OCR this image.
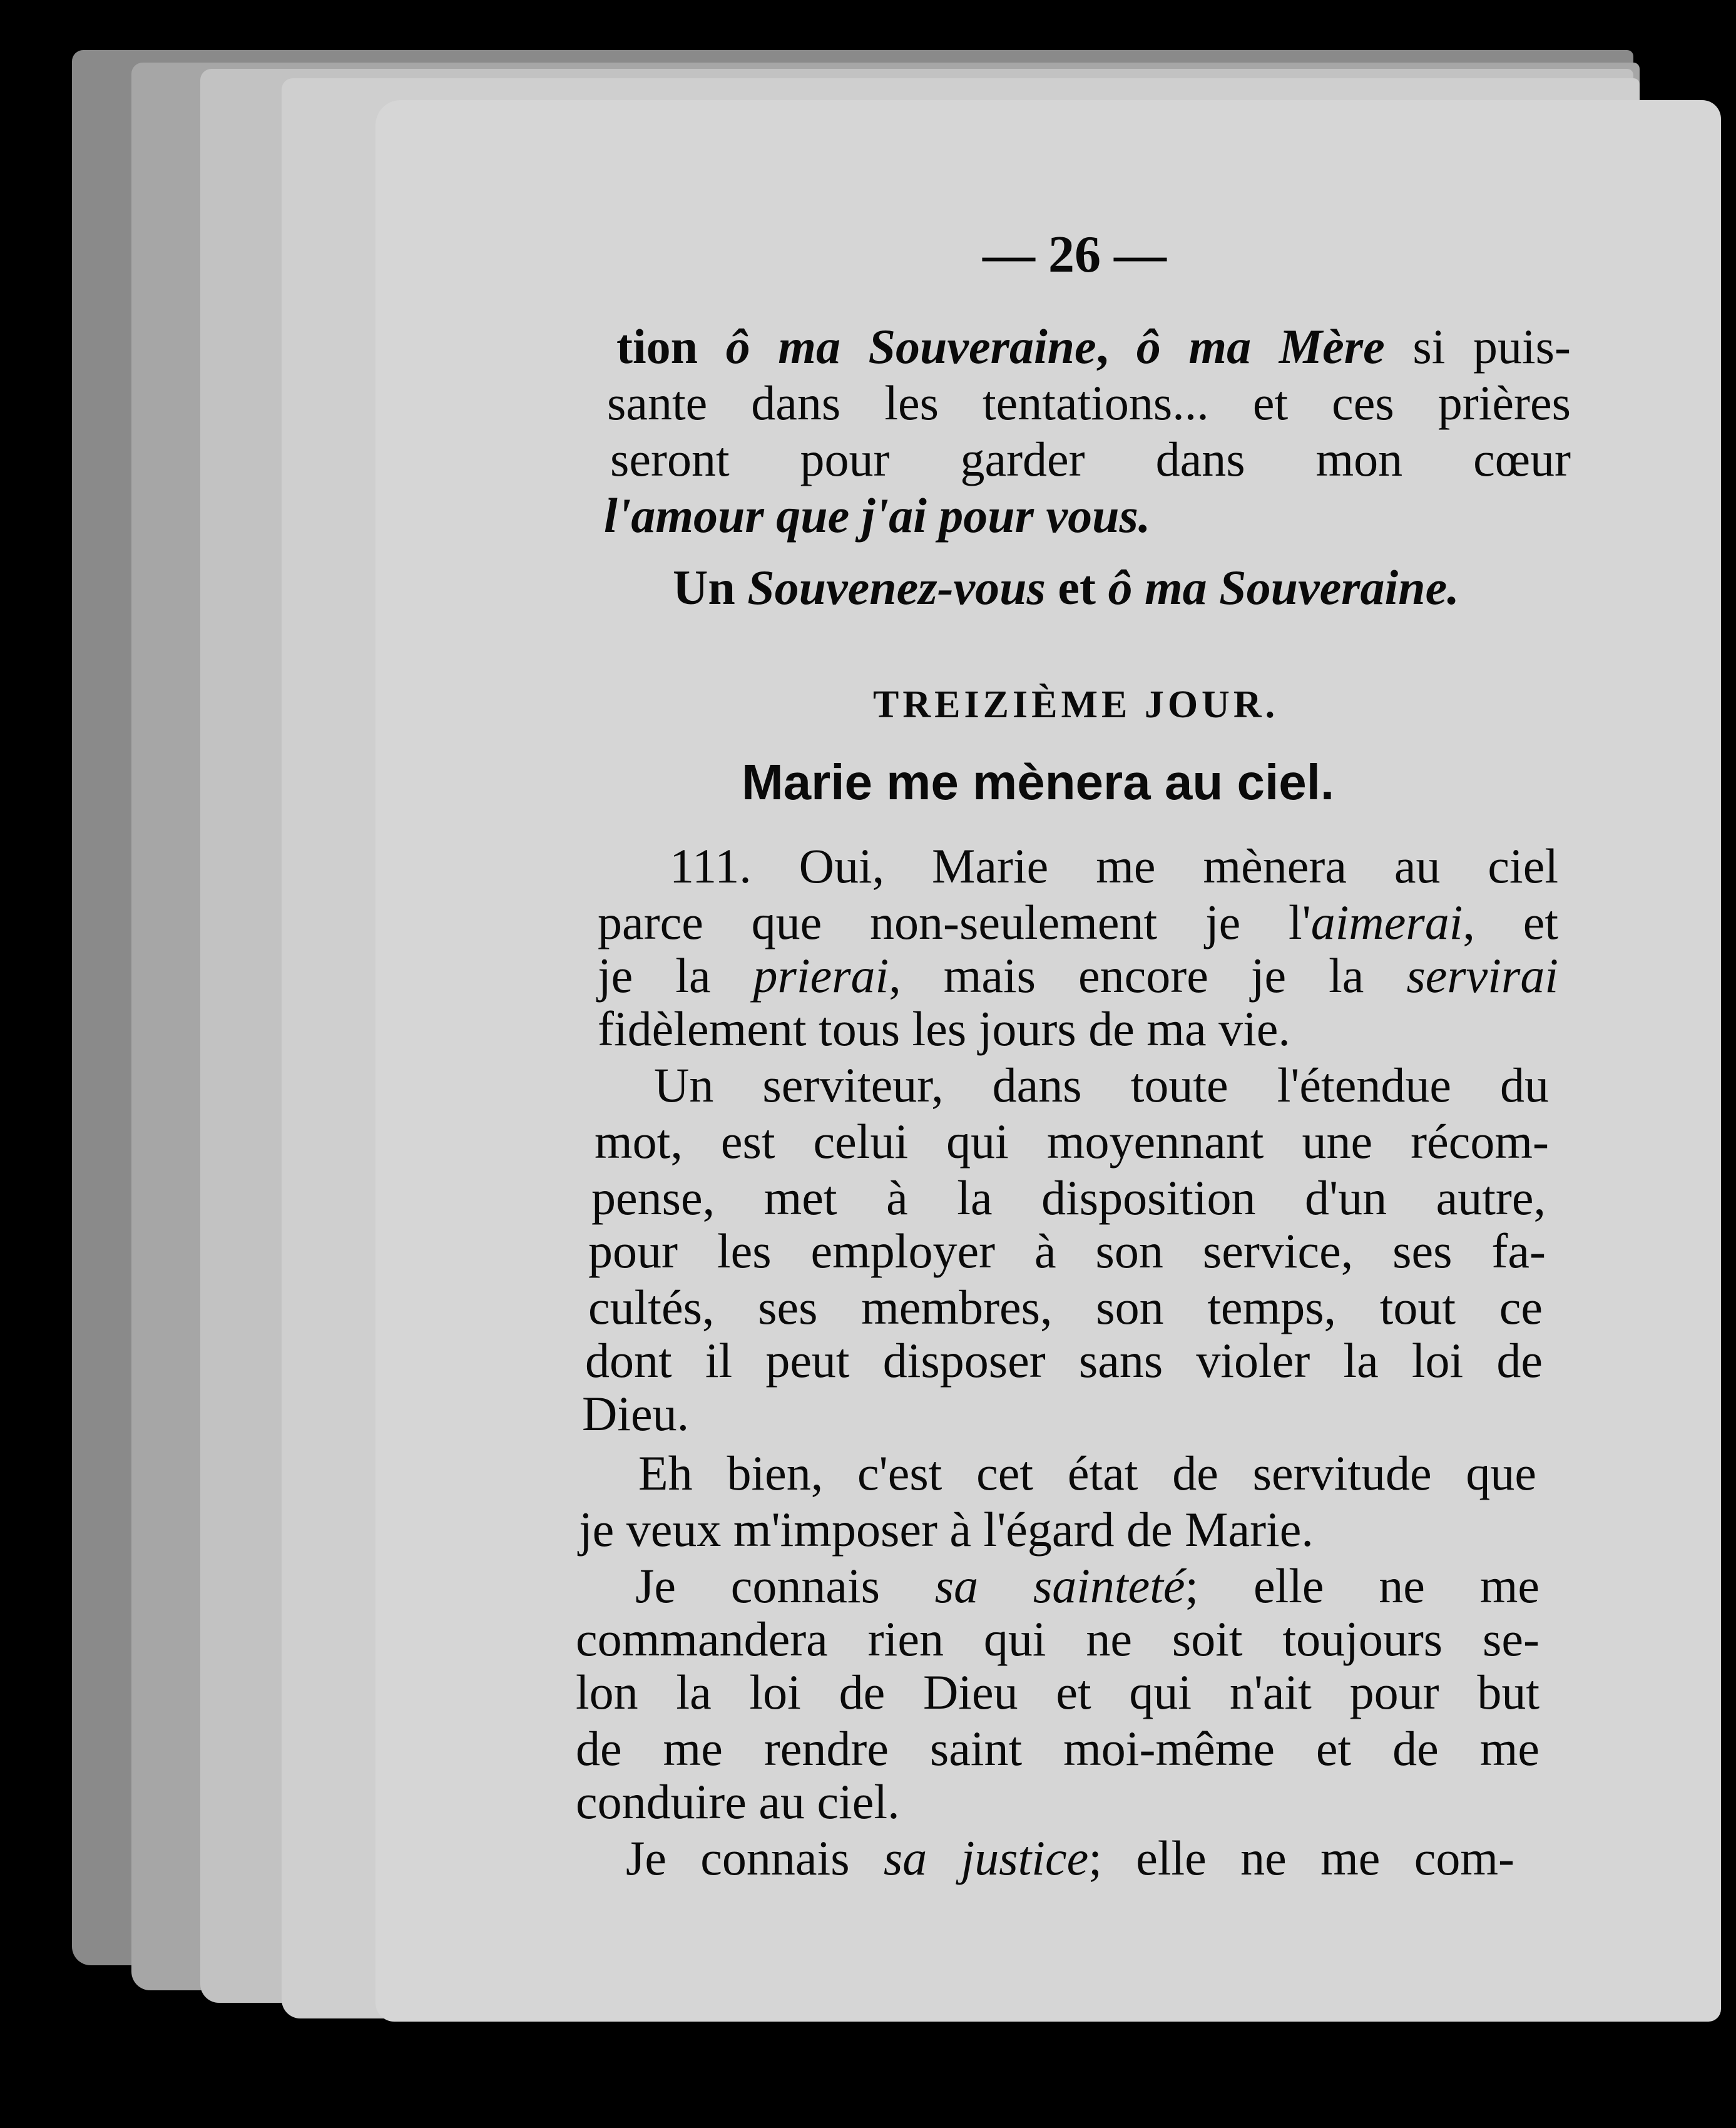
— 26 —
tion ô ma Souveraine, ô ma Mère si puis-
sante dans les tentations... et ces prières
seront pour garder dans mon cœur
l'amour que j'ai pour vous.
Un Souvenez-vous et ô ma Souveraine.
TREIZIÈME JOUR.
Marie me mènera au ciel.
111. Oui, Marie me mènera au ciel
parce que non-seulement je l'aimerai, et
je la prierai, mais encore je la servirai
fidèlement tous les jours de ma vie.
Un serviteur, dans toute l'étendue du
mot, est celui qui moyennant une récom-
pense, met à la disposition d'un autre,
pour les employer à son service, ses fa-
cultés, ses membres, son temps, tout ce
dont il peut disposer sans violer la loi de
Dieu.
Eh bien, c'est cet état de servitude que
je veux m'imposer à l'égard de Marie.
Je connais sa sainteté; elle ne me
commandera rien qui ne soit toujours se-
lon la loi de Dieu et qui n'ait pour but
de me rendre saint moi-même et de me
conduire au ciel.
Je connais sa justice; elle ne me com-
